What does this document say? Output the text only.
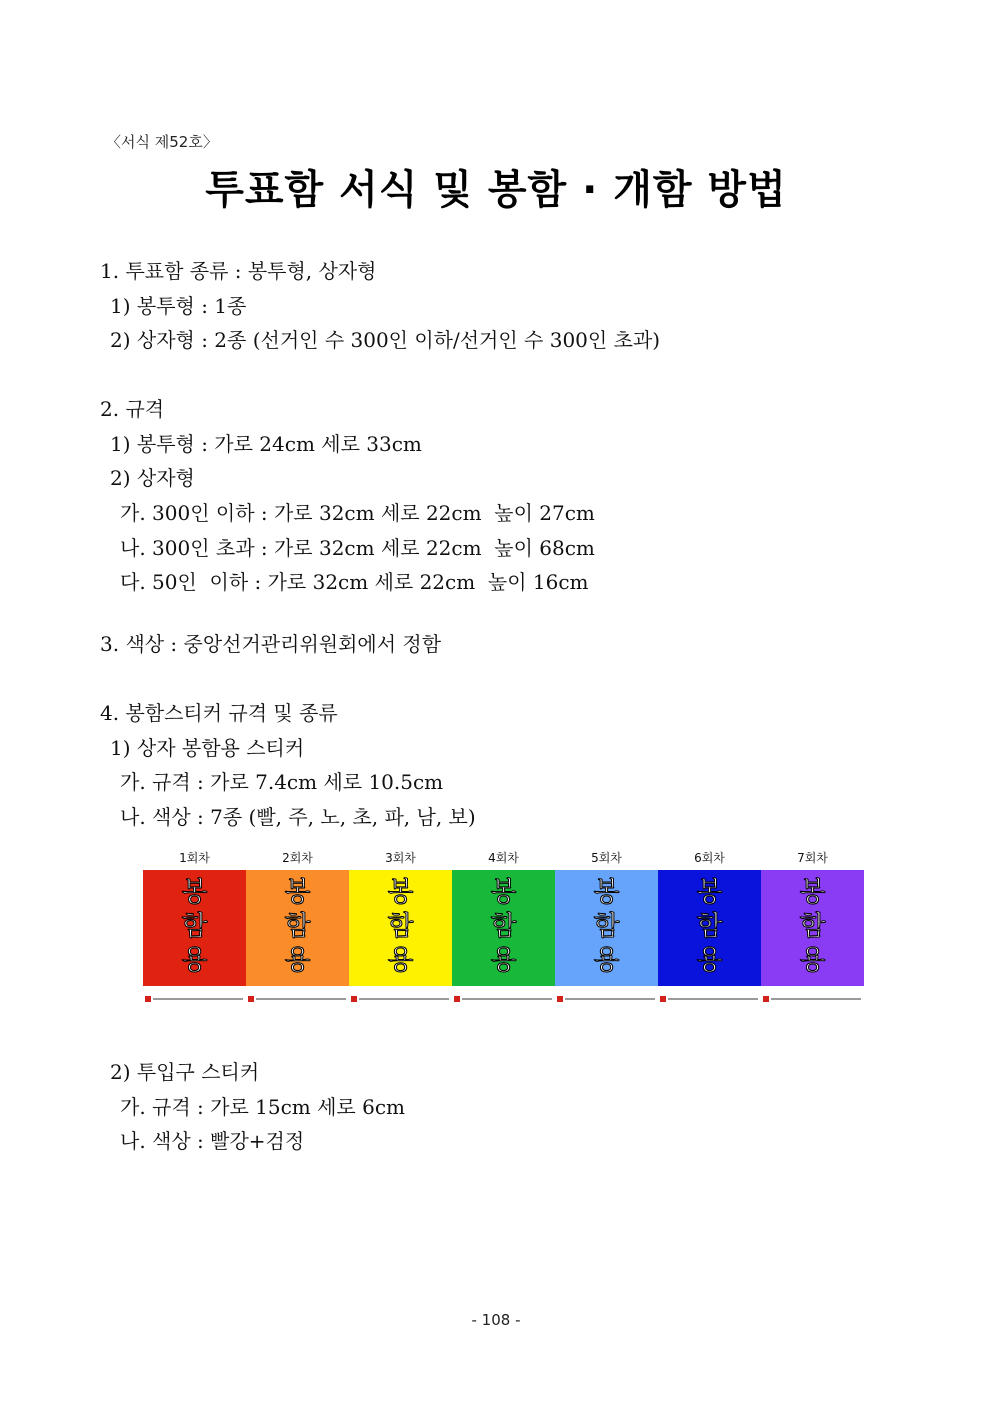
〈서식 제52호〉
투표함 서식 및 봉함 · 개함 방법
1. 투표함 종류 : 봉투형, 상자형
1) 봉투형 : 1종
2) 상자형 : 2종 (선거인 수 300인 이하/선거인 수 300인 초과)
2. 규격
1) 봉투형 : 가로 24cm 세로 33cm
2) 상자형
가. 300인 이하 : 가로 32cm 세로 22cm  높이 27cm
나. 300인 초과 : 가로 32cm 세로 22cm  높이 68cm
다. 50인  이하 : 가로 32cm 세로 22cm  높이 16cm
3. 색상 : 중앙선거관리위원회에서 정함
4. 봉함스티커 규격 및 종류
1) 상자 봉함용 스티커
가. 규격 : 가로 7.4cm 세로 10.5cm
나. 색상 : 7종 (빨, 주, 노, 초, 파, 남, 보)
1회차
봉
함
용
2회차
봉
함
용
3회차
봉
함
용
4회차
봉
함
용
5회차
봉
함
용
6회차
봉
함
용
7회차
봉
함
용
2) 투입구 스티커
가. 규격 : 가로 15cm 세로 6cm
나. 색상 : 빨강+검정
- 108 -
